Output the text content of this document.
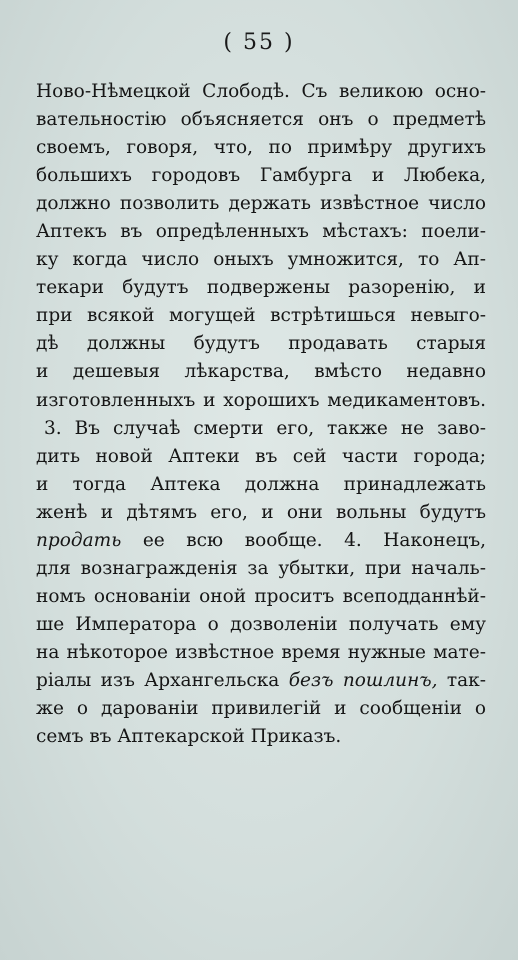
( 55 )
Ново-Нѣмецкой Слободѣ. Съ великою осно-
вательностію объясняется онъ о предметѣ
своемъ, говоря, что, по примѣру другихъ
большихъ городовъ Гамбурга и Любека,
должно позволить держать извѣстное число
Аптекъ въ опредѣленныхъ мѣстахъ: поели-
ку когда число оныхъ умножится, то Ап-
текари будутъ подвержены разоренію, и
при всякой могущей встрѣтишься невыго-
дѣ должны будутъ продавать старыя
и дешевыя лѣкарства, вмѣсто недавно
изготовленныхъ и хорошихъ медикаментовъ.
3. Въ случаѣ смерти его, также не заво-
дить новой Аптеки въ сей части города;
и тогда Аптека должна принадлежать
женѣ и дѣтямъ его, и они вольны будутъ
продать ее всю вообще. 4. Наконецъ,
для вознагражденія за убытки, при началь-
номъ основаніи оной проситъ всеподданнѣй-
ше Императора о дозволеніи получать ему
на нѣкоторое извѣстное время нужные мате-
ріалы изъ Архангельска безъ пошлинъ, так-
же о дарованіи привилегій и сообщеніи о
семъ въ Аптекарской Приказъ.
